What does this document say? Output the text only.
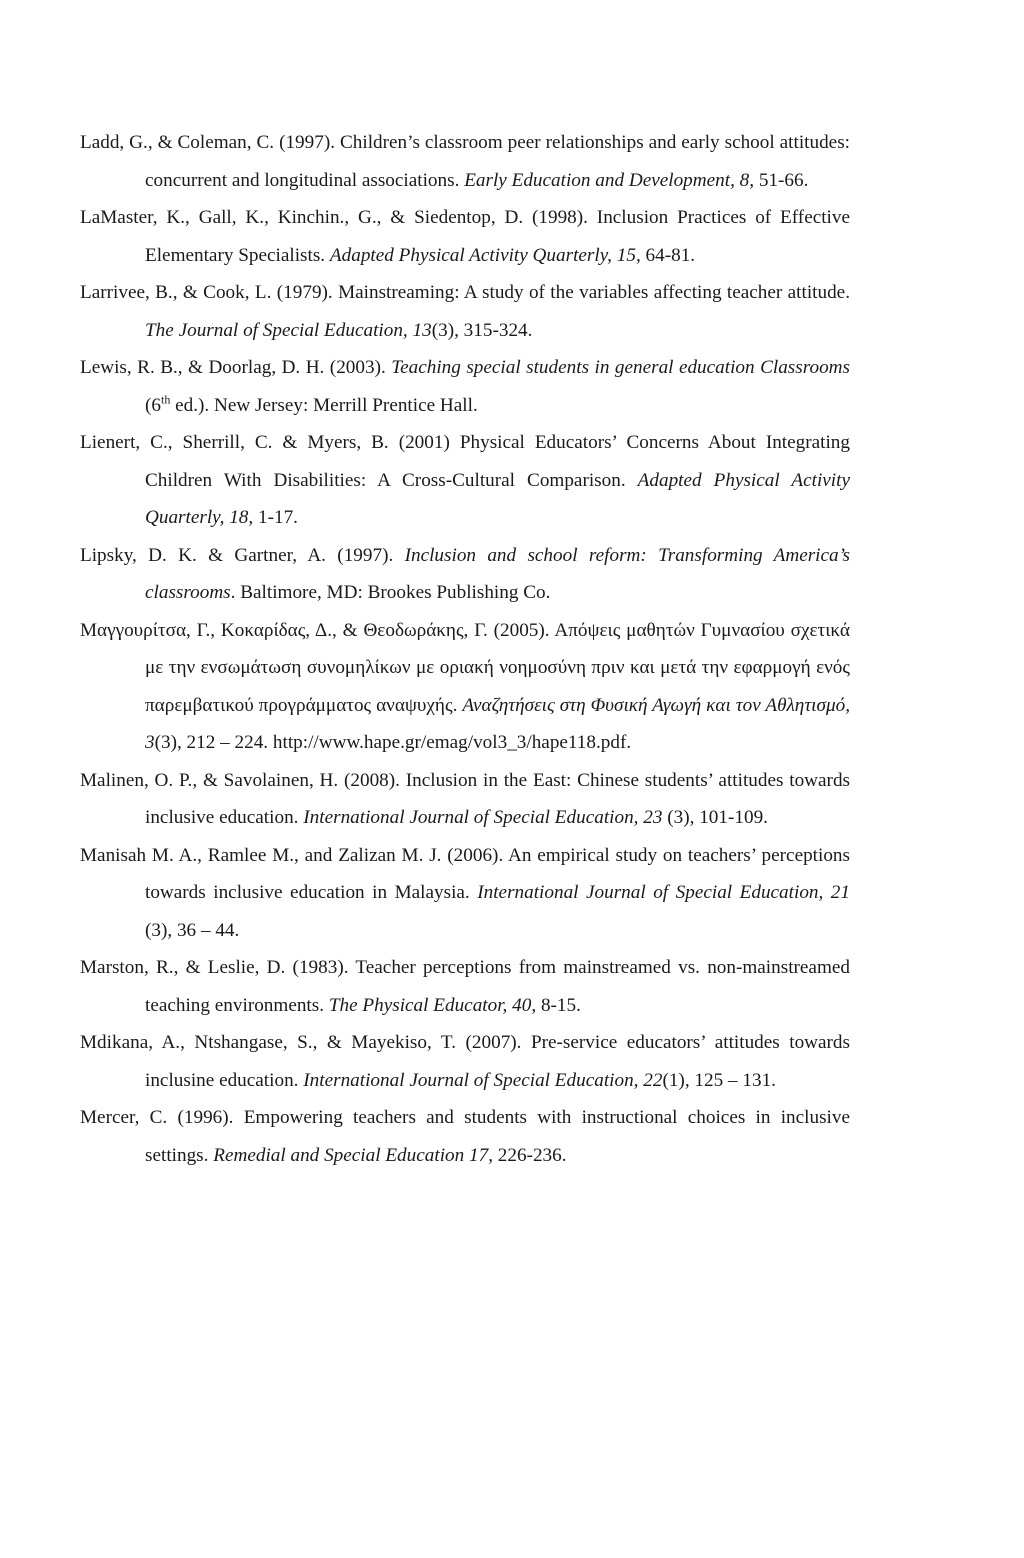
Ladd, G., & Coleman, C. (1997). Children’s classroom peer relationships and early school attitudes: concurrent and longitudinal associations. Early Education and Development, 8, 51-66.

LaMaster, K., Gall, K., Kinchin., G., & Siedentop, D. (1998). Inclusion Practices of Effective Elementary Specialists. Adapted Physical Activity Quarterly, 15, 64-81.

Larrivee, B., & Cook, L. (1979). Mainstreaming: A study of the variables affecting teacher attitude. The Journal of Special Education, 13(3), 315-324.

Lewis, R. B., & Doorlag, D. H. (2003). Teaching special students in general education Classrooms (6th ed.). New Jersey: Merrill Prentice Hall.

Lienert, C., Sherrill, C. & Myers, B. (2001) Physical Educators’ Concerns About Integrating Children With Disabilities: A Cross-Cultural Comparison. Adapted Physical Activity Quarterly, 18, 1-17.

Lipsky, D. K. & Gartner, A. (1997). Inclusion and school reform: Transforming America’s classrooms. Baltimore, MD: Brookes Publishing Co.

Μαγγουρίτσα, Γ., Κοκαρίδας, Δ., & Θεοδωράκης, Γ. (2005). Απόψεις μαθητών Γυμνασίου σχετικά με την ενσωμάτωση συνομηλίκων με οριακή νοημοσύνη πριν και μετά την εφαρμογή ενός παρεμβατικού προγράμματος αναψυχής. Αναζητήσεις στη Φυσική Αγωγή και τον Αθλητισμό, 3(3), 212 – 224. http://www.hape.gr/emag/vol3_3/hape118.pdf.

Malinen, O. P., & Savolainen, H. (2008). Inclusion in the East: Chinese students’ attitudes towards inclusive education. International Journal of Special Education, 23 (3), 101-109.

Manisah M. A., Ramlee M., and Zalizan M. J. (2006). An empirical study on teachers’ perceptions towards inclusive education in Malaysia. International Journal of Special Education, 21 (3), 36 – 44.

Marston, R., & Leslie, D. (1983). Teacher perceptions from mainstreamed vs. non-mainstreamed teaching environments. The Physical Educator, 40, 8-15.

Mdikana, A., Ntshangase, S., & Mayekiso, T. (2007). Pre-service educators’ attitudes towards inclusine education. International Journal of Special Education, 22(1), 125 – 131.

Mercer, C. (1996). Empowering teachers and students with instructional choices in inclusive settings. Remedial and Special Education 17, 226-236.
